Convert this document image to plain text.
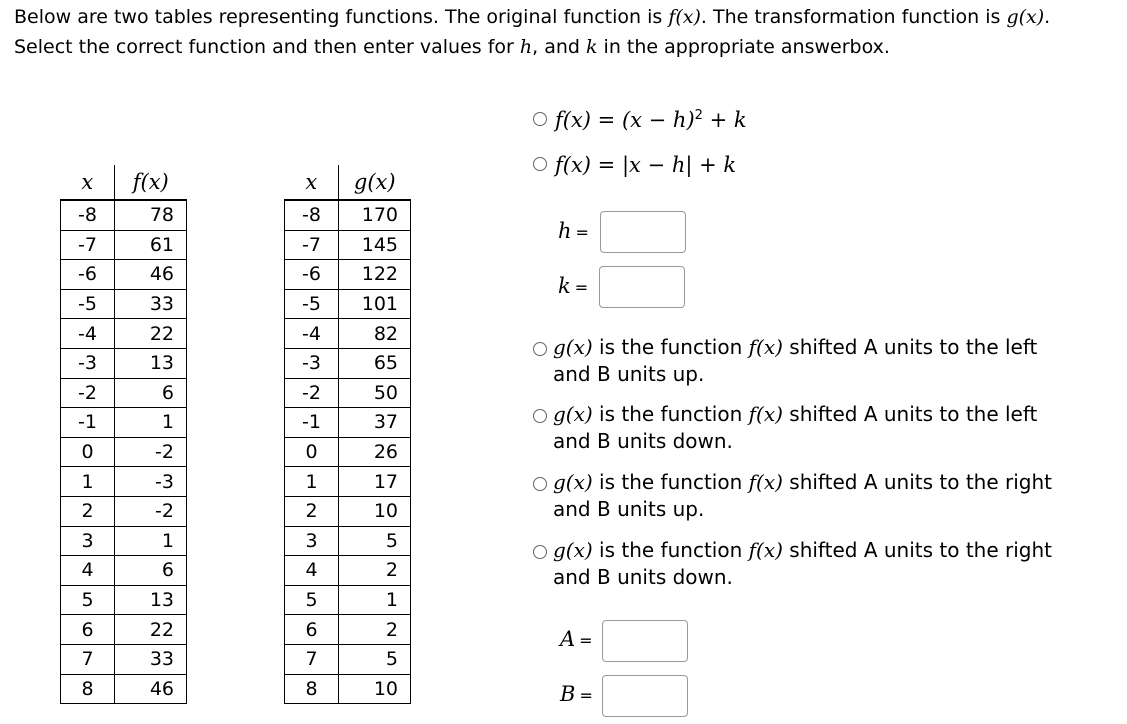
Below are two tables representing functions. The original function is f(x). The transformation function is g(x). Select the correct function and then enter values for h, and k in the appropriate answerbox.
x	f(x)
-8	78
-7	61
-6	46
-5	33
-4	22
-3	13
-2	6
-1	1
0	-2
1	-3
2	-2
3	1
4	6
5	13
6	22
7	33
8	46
x	g(x)
-8	170
-7	145
-6	122
-5	101
-4	82
-3	65
-2	50
-1	37
0	26
1	17
2	10
3	5
4	2
5	1
6	2
7	5
8	10
$f(x) = (x - h)^2 + k$
f(x) = |x − h| + k
h =
k =
g(x) is the function f(x) shifted A units to the left and B units up.
g(x) is the function f(x) shifted A units to the left and B units down.
g(x) is the function f(x) shifted A units to the right and B units up.
g(x) is the function f(x) shifted A units to the right and B units down.
A =
B =
